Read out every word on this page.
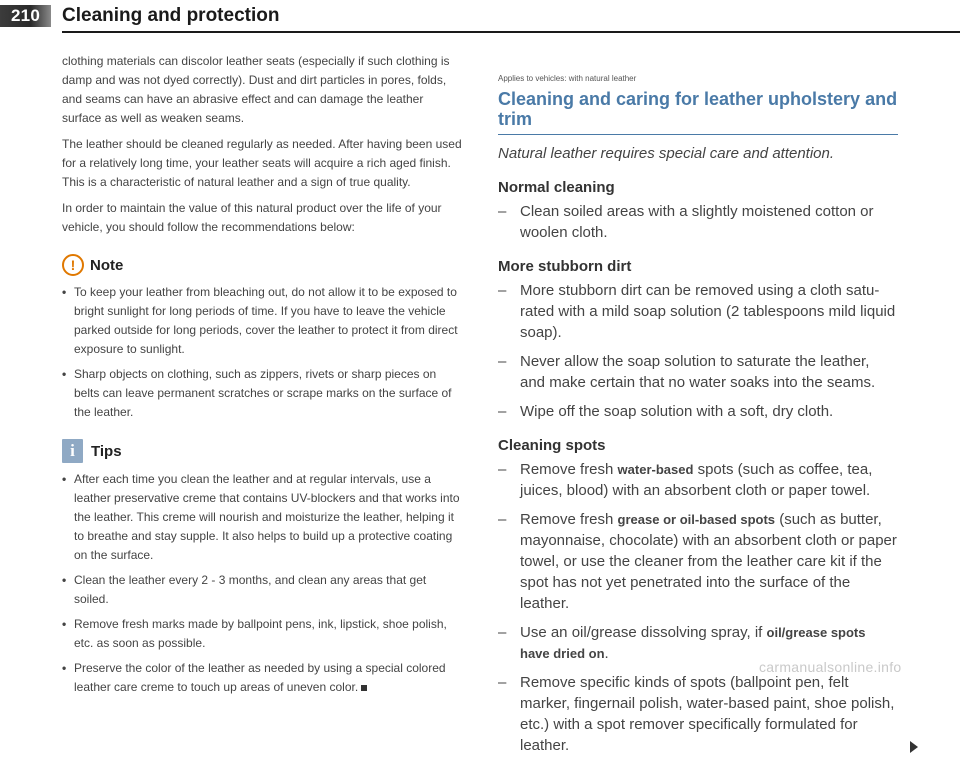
210	Cleaning and protection

clothing materials can discolor leather seats (especially if such clothing is damp and was not dyed correctly). Dust and dirt particles in pores, folds, and seams can have an abrasive effect and can damage the leather surface as well as weaken seams.

The leather should be cleaned regularly as needed. After having been used for a relatively long time, your leather seats will acquire a rich aged finish. This is a characteristic of natural leather and a sign of true quality.

In order to maintain the value of this natural product over the life of your vehicle, you should follow the recommendations below:

! Note
• To keep your leather from bleaching out, do not allow it to be exposed to bright sunlight for long periods of time. If you have to leave the vehicle parked outside for long periods, cover the leather to protect it from direct exposure to sunlight.
• Sharp objects on clothing, such as zippers, rivets or sharp pieces on belts can leave permanent scratches or scrape marks on the surface of the leather.
i	Tips
• After each time you clean the leather and at regular intervals, use a leather preservative creme that contains UV-blockers and that works into the leather. This creme will nourish and moisturize the leather, helping it to breathe and stay supple. It also helps to build up a protective coating on the surface.
• Clean the leather every 2 - 3 months, and clean any areas that get soiled.
• Remove fresh marks made by ballpoint pens, ink, lipstick, shoe polish, etc. as soon as possible.
• Preserve the color of the leather as needed by using a special colored leather care creme to touch up areas of uneven color.

Applies to vehicles: with natural leather

Cleaning and caring for leather upholstery and trim

Natural leather requires special care and attention.

Normal cleaning
– Clean soiled areas with a slightly moistened cotton or woolen cloth.
More stubborn dirt
– More stubborn dirt can be removed using a cloth satu-rated with a mild soap solution (2 tablespoons mild liquid soap).
– Never allow the soap solution to saturate the leather, and make certain that no water soaks into the seams.
– Wipe off the soap solution with a soft, dry cloth.
Cleaning spots
– Remove fresh water-based spots (such as coffee, tea, juices, blood) with an absorbent cloth or paper towel.
– Remove fresh grease or oil-based spots (such as butter, mayonnaise, chocolate) with an absorbent cloth or paper towel, or use the cleaner from the leather care kit if the spot has not yet penetrated into the surface of the leather.
– Use an oil/grease dissolving spray, if oil/grease spots have dried on.
– Remove specific kinds of spots (ballpoint pen, felt marker, fingernail polish, water-based paint, shoe polish, etc.) with a spot remover specifically formulated for leather.
carmanualsonline.info
